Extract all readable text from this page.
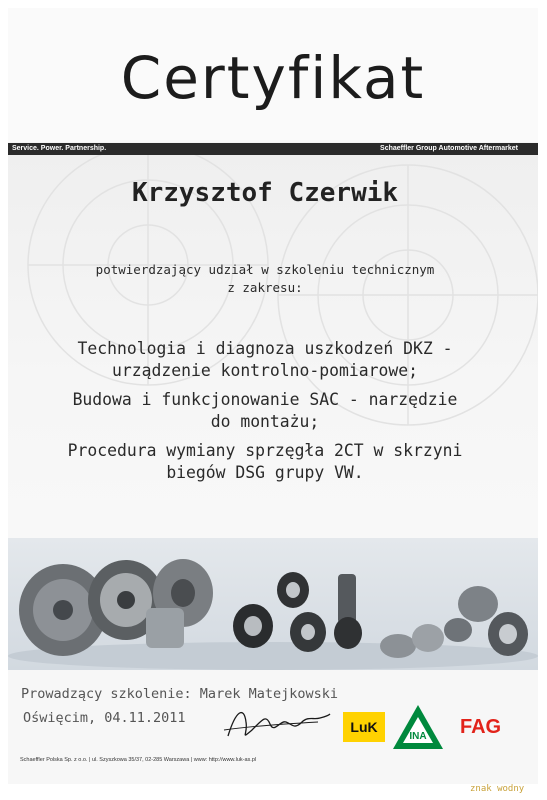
Certyfikat
Service. Power. Partnership.	Schaeffler Group Automotive Aftermarket
Krzysztof Czerwik
potwierdzający udział w szkoleniu technicznym
z zakresu:
Technologia i diagnoza uszkodzeń DKZ -
urządzenie kontrolno-pomiarowe;
Budowa i funkcjonowanie SAC - narzędzie
do montażu;
Procedura wymiany sprzęgła 2CT w skrzyni
biegów DSG grupy VW.
Prowadzący szkolenie: Marek Matejkowski
Oświęcim, 04.11.2011
LuK
INA FAG
Schaeffler Polska Sp. z o.o. | ul. Szyszkowa 35/37, 02-285 Warszawa | www: http://www.luk-as.pl
znak wodny
